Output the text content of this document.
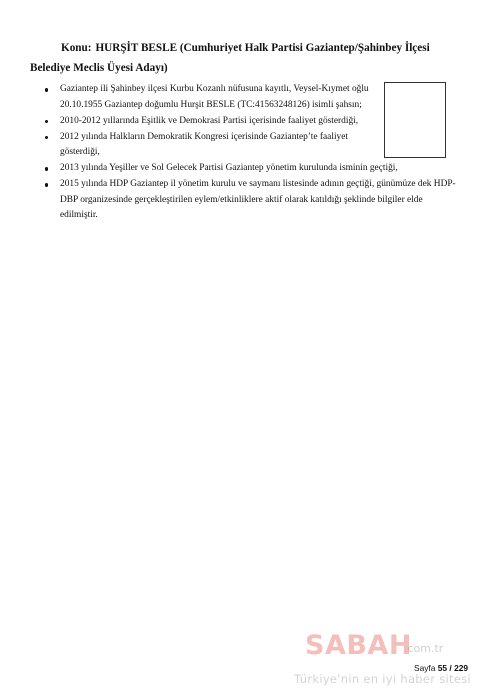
Konu: HURŞİT BESLE (Cumhuriyet Halk Partisi Gaziantep/Şahinbey İlçesi Belediye Meclis Üyesi Adayı)
Gaziantep ili Şahinbey ilçesi Kurbu Kozanlı nüfusuna kayıtlı, Veysel-Kıymet oğlu 20.10.1955 Gaziantep doğumlu Hurşit BESLE (TC:41563248126) isimli şahsın;
2010-2012 yıllarında Eşitlik ve Demokrasi Partisi içerisinde faaliyet gösterdiği,
2012 yılında Halkların Demokratik Kongresi içerisinde Gaziantep’te faaliyet gösterdiği,
2013 yılında Yeşiller ve Sol Gelecek Partisi Gaziantep yönetim kurulunda isminin geçtiği,
2015 yılında HDP Gaziantep il yönetim kurulu ve saymanı listesinde adının geçtiği, günümüze dek HDP-DBP organizesinde gerçekleştirilen eylem/etkinliklere aktif olarak katıldığı şeklinde bilgiler elde edilmiştir.
SABAH
.com.tr
Türkiye'nin en iyi haber sitesi
Sayfa 55 / 229
